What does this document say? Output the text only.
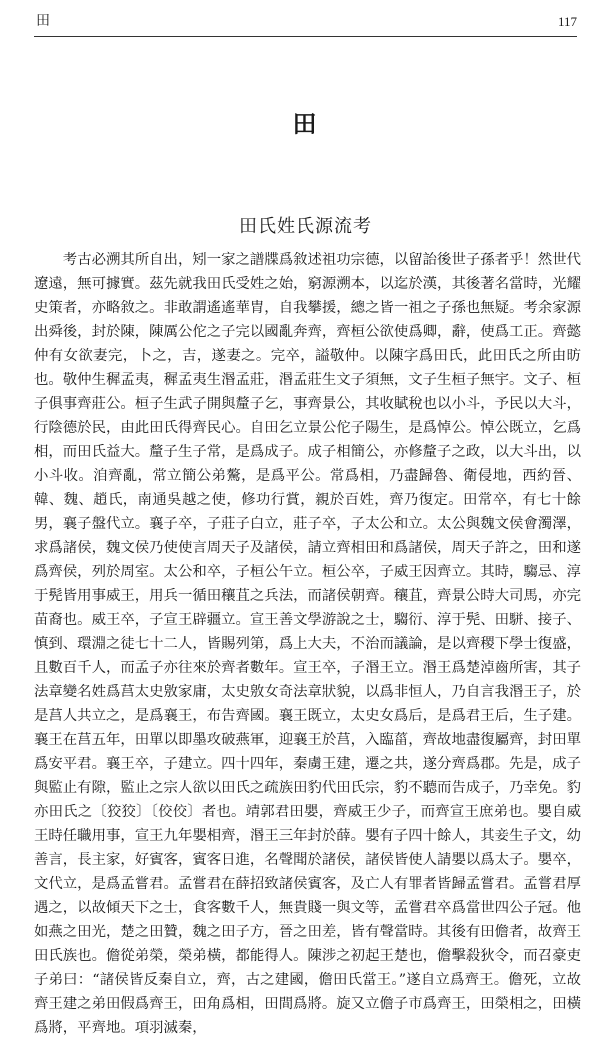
田	117
田
田氏姓氏源流考

考古必溯其所自出，矧一家之譜牒爲敘述祖功宗德，以留詒後世子孫者乎！然世代遼遠，無可據實。茲先就我田氏受姓之始，窮源溯本，以迄於漢，其後著名當時，光耀史策者，亦略敘之。非敢謂遙遙華胄，自我攀援，總之皆一祖之子孫也無疑。考余家源出舜後，封於陳，陳厲公佗之子完以國亂奔齊，齊桓公欲使爲卿，辭，使爲工正。齊懿仲有女欲妻完，卜之，吉，遂妻之。完卒，謚敬仲。以陳字爲田氏，此田氏之所由昉也。敬仲生穉孟夷，穉孟夷生湣孟莊，湣孟莊生文子須無，文子生桓子無宇。文子、桓子俱事齊莊公。桓子生武子開與釐子乞，事齊景公，其收賦稅也以小斗，予民以大斗，行陰德於民，由此田氏得齊民心。自田乞立景公佗子陽生，是爲悼公。悼公既立，乞爲相，而田氏益大。釐子生子常，是爲成子。成子相簡公，亦修釐子之政，以大斗出，以小斗收。洎齊亂，常立簡公弟驁，是爲平公。常爲相，乃盡歸魯、衛侵地，西約晉、韓、魏、趙氏，南通吳越之使，修功行賞，親於百姓，齊乃復定。田常卒，有七十餘男，襄子盤代立。襄子卒，子莊子白立，莊子卒，子太公和立。太公與魏文侯會濁澤，求爲諸侯，魏文侯乃使使言周天子及諸侯，請立齊相田和爲諸侯，周天子許之，田和遂爲齊侯，列於周室。太公和卒，子桓公午立。桓公卒，子威王因齊立。其時，騶忌、淳于髡皆用事威王，用兵一循田穰苴之兵法，而諸侯朝齊。穰苴，齊景公時大司馬，亦完苗裔也。威王卒，子宣王辟疆立。宣王善文學游說之士，騶衍、淳于髡、田駢、接子、慎到、環淵之徒七十二人，皆賜列第，爲上大夫，不治而議論，是以齊稷下學士復盛，且數百千人，而孟子亦往來於齊者數年。宣王卒，子湣王立。湣王爲楚淖齒所害，其子法章變名姓爲莒太史敫家庸，太史敫女奇法章狀貌，以爲非恒人，乃自言我湣王子，於是莒人共立之，是爲襄王，布告齊國。襄王既立，太史女爲后，是爲君王后，生子建。襄王在莒五年，田單以即墨攻破燕軍，迎襄王於莒，入臨菑，齊故地盡復屬齊，封田單爲安平君。襄王卒，子建立。四十四年，秦虜王建，遷之共，遂分齊爲郡。先是，成子與監止有隙，監止之宗人欲以田氏之疏族田豹代田氏宗，豹不聽而告成子，乃幸免。豹亦田氏之〔狡狡〕〔佼佼〕者也。靖郭君田嬰，齊威王少子，而齊宣王庶弟也。嬰自威王時任職用事，宣王九年嬰相齊，湣王三年封於薛。嬰有子四十餘人，其妾生子文，幼善言，長主家，好賓客，賓客日進，名聲聞於諸侯，諸侯皆使人請嬰以爲太子。嬰卒，文代立，是爲孟嘗君。孟嘗君在薛招致諸侯賓客，及亡人有罪者皆歸孟嘗君。孟嘗君厚遇之，以故傾天下之士，食客數千人，無貴賤一與文等，孟嘗君卒爲當世四公子冠。他如燕之田光，楚之田贊，魏之田子方，晉之田差，皆有聲當時。其後有田儋者，故齊王田氏族也。儋從弟榮，榮弟橫，都能得人。陳涉之初起王楚也，儋擊殺狄令，而召豪吏子弟曰：“諸侯皆反秦自立，齊，古之建國，儋田氏當王。”遂自立爲齊王。儋死，立故齊王建之弟田假爲齊王，田角爲相，田間爲將。旋又立儋子市爲齊王，田榮相之，田橫爲將，平齊地。項羽滅秦，
